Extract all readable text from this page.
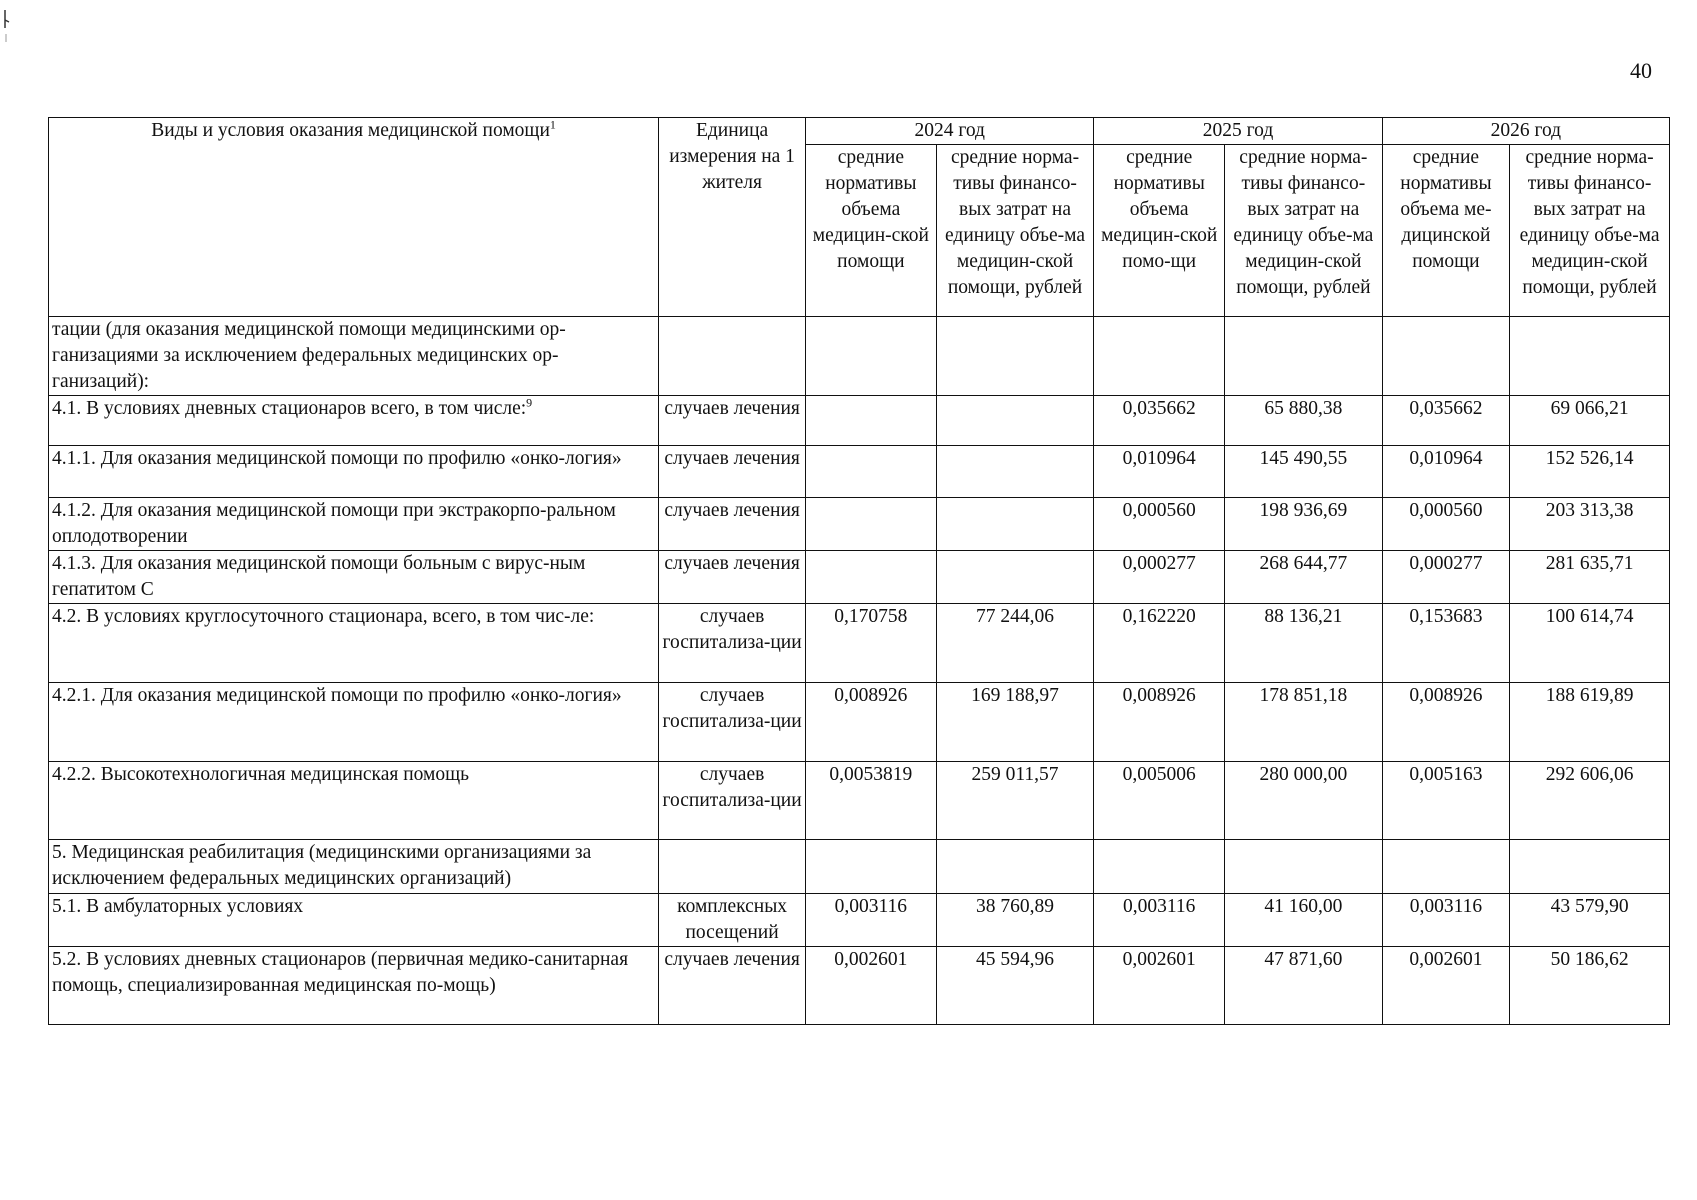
40
Виды и условия оказания медицинской помощи$^1$	Единица измерения на 1 жителя	2024 год		2025 год		2026 год	
		средние нормативы объема медицин-ской помощи	средние норма-тивы финансо-вых затрат на единицу объе-ма медицин-ской помощи, рублей	средние нормативы объема медицин-ской помо-щи	средние норма-тивы финансо-вых затрат на единицу объе-ма медицин-ской помощи, рублей	средние нормативы объема ме-дицинской помощи	средние норма-тивы финансо-вых затрат на единицу объе-ма медицин-ской помощи, рублей
тации (для оказания медицинской помощи медицинскими ор-ганизациями за исключением федеральных медицинских ор-ганизаций):							
4.1. В условиях дневных стационаров всего, в том числе:$^9$	случаев лечения			0,035662	65 880,38	0,035662	69 066,21
4.1.1. Для оказания медицинской помощи по профилю «онко-логия»	случаев лечения			0,010964	145 490,55	0,010964	152 526,14
4.1.2. Для оказания медицинской помощи при экстракорпо-ральном оплодотворении	случаев лечения			0,000560	198 936,69	0,000560	203 313,38
4.1.3. Для оказания медицинской помощи больным с вирус-ным гепатитом С	случаев лечения			0,000277	268 644,77	0,000277	281 635,71
4.2. В условиях круглосуточного стационара, всего, в том чис-ле:	случаев госпитализа-ции	0,170758	77 244,06	0,162220	88 136,21	0,153683	100 614,74
4.2.1. Для оказания медицинской помощи по профилю «онко-логия»	случаев госпитализа-ции	0,008926	169 188,97	0,008926	178 851,18	0,008926	188 619,89
4.2.2. Высокотехнологичная медицинская помощь	случаев госпитализа-ции	0,0053819	259 011,57	0,005006	280 000,00	0,005163	292 606,06
5. Медицинская реабилитация (медицинскими организациями за исключением федеральных медицинских организаций)							
5.1. В амбулаторных условиях	комплексных посещений	0,003116	38 760,89	0,003116	41 160,00	0,003116	43 579,90
5.2. В условиях дневных стационаров (первичная медико-санитарная помощь, специализированная медицинская по-мощь)	случаев лечения	0,002601	45 594,96	0,002601	47 871,60	0,002601	50 186,62
